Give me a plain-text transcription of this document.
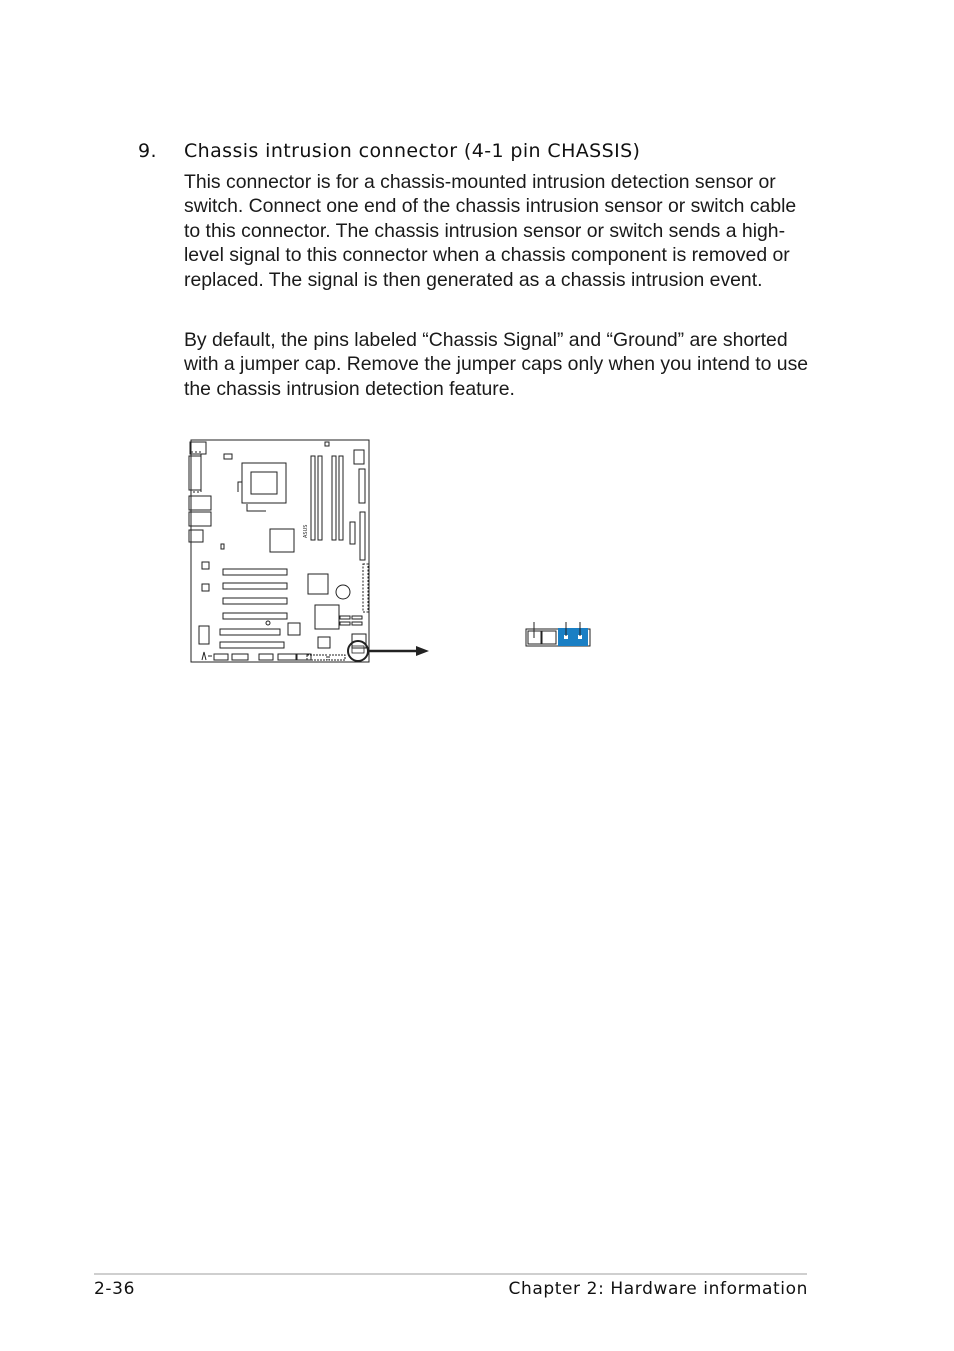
9. Chassis intrusion connector (4-1 pin CHASSIS)

This connector is for a chassis-mounted intrusion detection sensor or switch. Connect one end of the chassis intrusion sensor or switch cable to this connector. The chassis intrusion sensor or switch sends a high-level signal to this connector when a chassis component is removed or replaced. The signal is then generated as a chassis intrusion event.

By default, the pins labeled “Chassis Signal” and “Ground” are shorted with a jumper cap. Remove the jumper caps only when you intend to use the chassis intrusion detection feature.

ASUS

2-36	Chapter 2: Hardware information
